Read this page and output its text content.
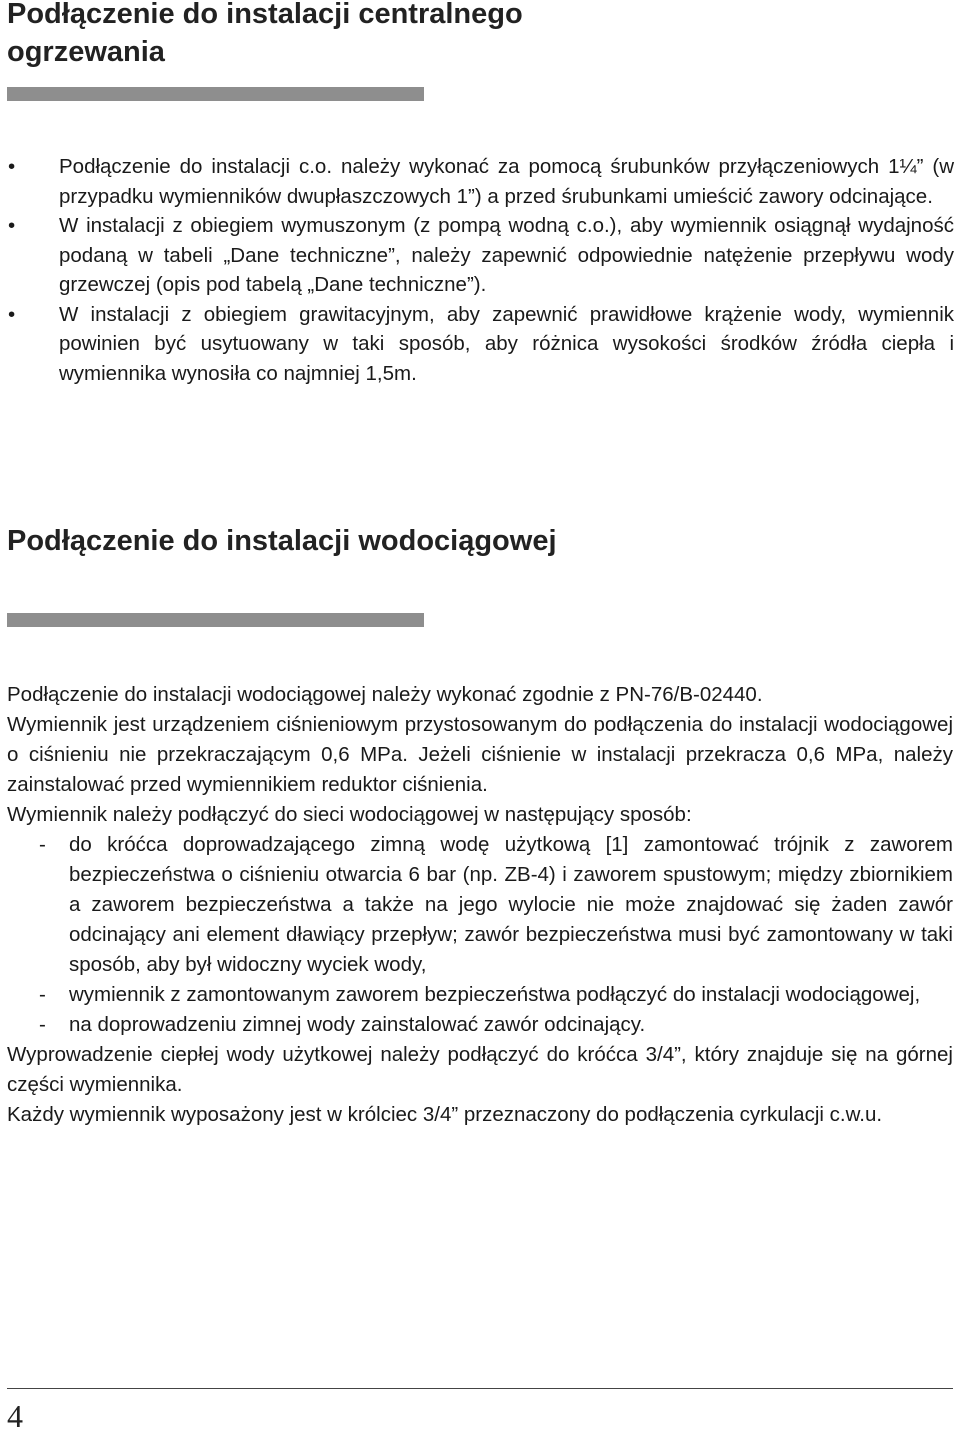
Podłączenie do instalacji centralnego ogrzewania
• Podłączenie do instalacji c.o. należy wykonać za pomocą śrubunków przyłączeniowych 1¼” (w przypadku wymienników dwupłaszczowych 1”) a przed śrubunkami umieścić zawory odcinające.
• W instalacji z obiegiem wymuszonym (z pompą wodną c.o.), aby wymiennik osiągnął wydajność podaną w tabeli „Dane techniczne”, należy zapewnić odpowiednie natężenie przepływu wody grzewczej (opis pod tabelą „Dane techniczne”).
• W instalacji z obiegiem grawitacyjnym, aby zapewnić prawidłowe krążenie wody, wymiennik powinien być usytuowany w taki sposób, aby różnica wysokości środków źródła ciepła i wymiennika wynosiła co najmniej 1,5m.
Podłączenie do instalacji wodociągowej

Podłączenie do instalacji wodociągowej należy wykonać zgodnie z PN-76/B-02440.

Wymiennik jest urządzeniem ciśnieniowym przystosowanym do podłączenia do instalacji wodociągowej o ciśnieniu nie przekraczającym 0,6 MPa. Jeżeli ciśnienie w instalacji przekracza 0,6 MPa, należy zainstalować przed wymiennikiem reduktor ciśnienia.

Wymiennik należy podłączyć do sieci wodociągowej w następujący sposób:

- do króćca doprowadzającego zimną wodę użytkową [1] zamontować trójnik z zaworem bezpieczeństwa o ciśnieniu otwarcia 6 bar (np. ZB-4) i zaworem spustowym; między zbiornikiem a zaworem bezpieczeństwa a także na jego wylocie nie może znajdować się żaden zawór odcinający ani element dławiący przepływ; zawór bezpieczeństwa musi być zamontowany w taki sposób, aby był widoczny wyciek wody,
- wymiennik z zamontowanym zaworem bezpieczeństwa podłączyć do instalacji wodociągowej,
- na doprowadzeniu zimnej wody zainstalować zawór odcinający.

Wyprowadzenie ciepłej wody użytkowej należy podłączyć do króćca 3/4”, który znajduje się na górnej części wymiennika.

Każdy wymiennik wyposażony jest w królciec 3/4” przeznaczony do podłączenia cyrkulacji c.w.u.

4
